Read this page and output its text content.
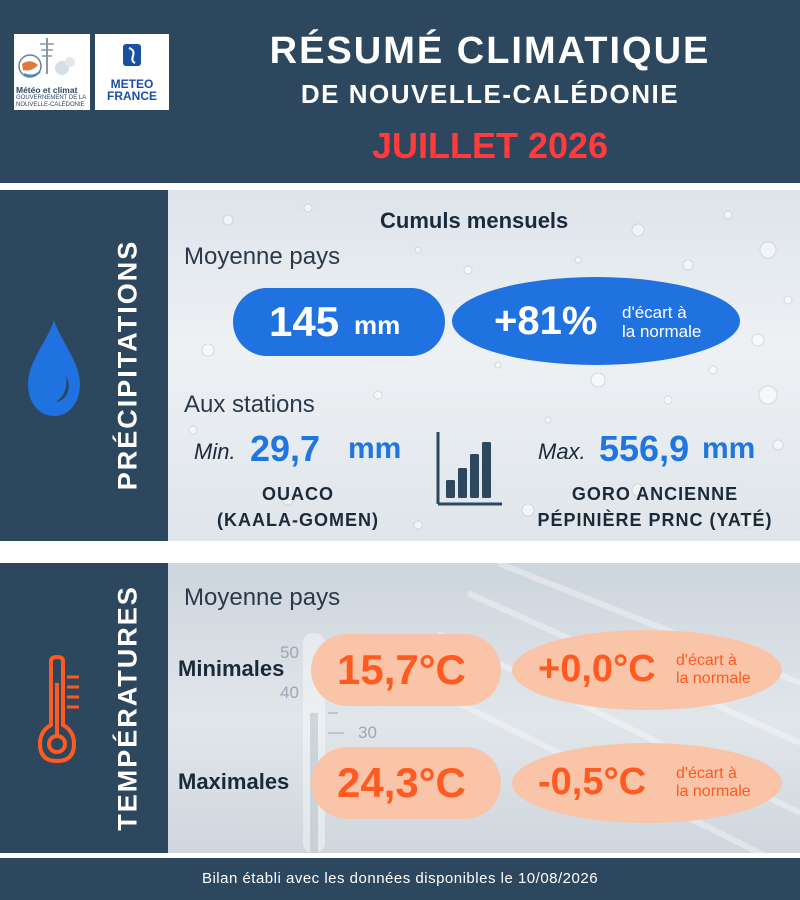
Météo et climat
GOUVERNEMENT DE LA
NOUVELLE-CALÉDONIE
METEO
FRANCE
RÉSUMÉ CLIMATIQUE
DE NOUVELLE-CALÉDONIE
JUILLET 2026
PRÉCIPITATIONS
Cumuls mensuels
Moyenne pays
145 mm +81% d'écart à
la normale
Aux stations
Min. 29,7 mm
OUACO
(KAALA-GOMEN)
Max. 556,9 mm
GORO ANCIENNE
PÉPINIÈRE PRNC (YATÉ)
TEMPÉRATURES	50
40
30
Moyenne pays
Minimales 15,7°C +0,0°C d'écart à
la normale
Maximales 24,3°C -0,5°C d'écart à
la normale
Bilan établi avec les données disponibles le 10/08/2026
